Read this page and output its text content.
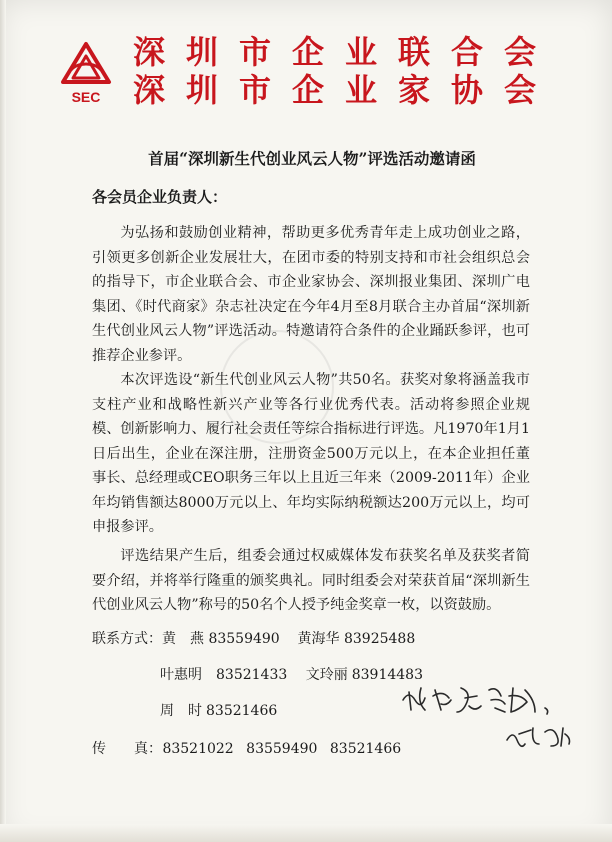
SEC
深圳市企业联合会
深圳市企业家协会
首届“深圳新生代创业风云人物”评选活动邀请函
各会员企业负责人：

为弘扬和鼓励创业精神，帮助更多优秀青年走上成功创业之路，引领更多创新企业发展壮大，在团市委的特别支持和市社会组织总会的指导下，市企业联合会、市企业家协会、深圳报业集团、深圳广电集团、《时代商家》杂志社决定在今年4月至8月联合主办首届“深圳新生代创业风云人物”评选活动。特邀请符合条件的企业踊跃参评，也可推荐企业参评。

本次评选设“新生代创业风云人物”共50名。获奖对象将涵盖我市支柱产业和战略性新兴产业等各行业优秀代表。活动将参照企业规模、创新影响力、履行社会责任等综合指标进行评选。凡1970年1月1日后出生，企业在深注册，注册资金500万元以上，在本企业担任董事长、总经理或CEO职务三年以上且近三年来（2009-2011年）企业年均销售额达8000万元以上、年均实际纳税额达200万元以上，均可申报参评。

评选结果产生后，组委会通过权威媒体发布获奖名单及获奖者简要介绍，并将举行隆重的颁奖典礼。同时组委会对荣获首届“深圳新生代创业风云人物”称号的50名个人授予纯金奖章一枚，以资鼓励。

联系方式：黄　燕 83559490 黄海华 83925488
叶惠明 83521433 文玲丽 83914483
周　时 83521466
传　　真： 83521022 83559490 83521466
